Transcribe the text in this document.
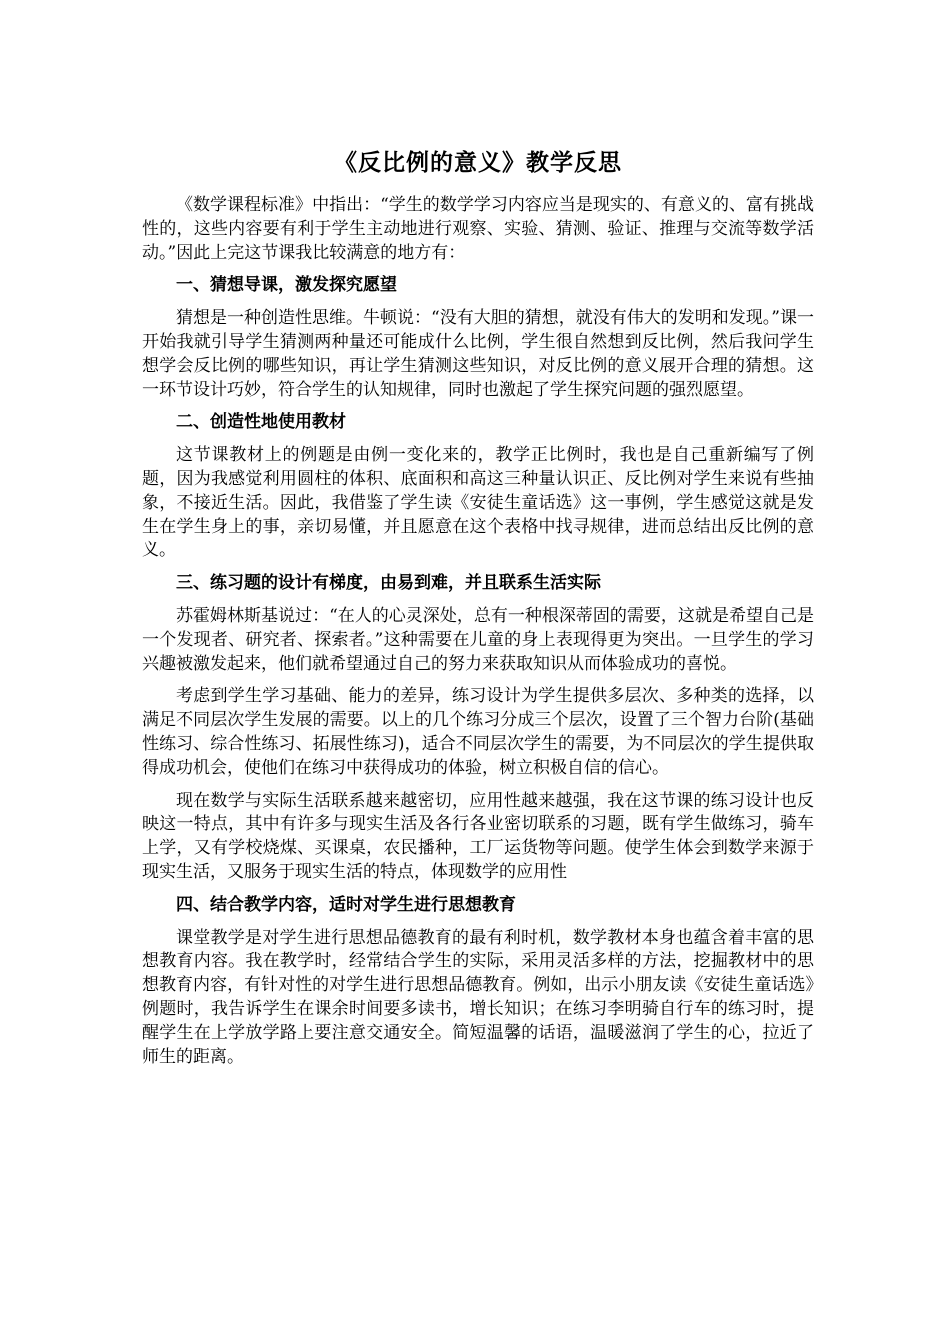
《反比例的意义》教学反思

《数学课程标准》中指出：“学生的数学学习内容应当是现实的、有意义的、富有挑战性的，这些内容要有利于学生主动地进行观察、实验、猜测、验证、推理与交流等数学活动。”因此上完这节课我比较满意的地方有：

一、猜想导课，激发探究愿望

猜想是一种创造性思维。牛顿说：“没有大胆的猜想，就没有伟大的发明和发现。”课一开始我就引导学生猜测两种量还可能成什么比例，学生很自然想到反比例，然后我问学生想学会反比例的哪些知识，再让学生猜测这些知识，对反比例的意义展开合理的猜想。这一环节设计巧妙，符合学生的认知规律，同时也激起了学生探究问题的强烈愿望。

二、创造性地使用教材

这节课教材上的例题是由例一变化来的，教学正比例时，我也是自己重新编写了例题，因为我感觉利用圆柱的体积、底面积和高这三种量认识正、反比例对学生来说有些抽象，不接近生活。因此，我借鉴了学生读《安徒生童话选》这一事例，学生感觉这就是发生在学生身上的事，亲切易懂，并且愿意在这个表格中找寻规律，进而总结出反比例的意义。

三、练习题的设计有梯度，由易到难，并且联系生活实际

苏霍姆林斯基说过：“在人的心灵深处，总有一种根深蒂固的需要，这就是希望自己是一个发现者、研究者、探索者。”这种需要在儿童的身上表现得更为突出。一旦学生的学习兴趣被激发起来，他们就希望通过自己的努力来获取知识从而体验成功的喜悦。

考虑到学生学习基础、能力的差异，练习设计为学生提供多层次、多种类的选择，以满足不同层次学生发展的需要。以上的几个练习分成三个层次，设置了三个智力台阶(基础性练习、综合性练习、拓展性练习)，适合不同层次学生的需要，为不同层次的学生提供取得成功机会，使他们在练习中获得成功的体验，树立积极自信的信心。

现在数学与实际生活联系越来越密切，应用性越来越强，我在这节课的练习设计也反映这一特点，其中有许多与现实生活及各行各业密切联系的习题，既有学生做练习，骑车上学，又有学校烧煤、买课桌，农民播种，工厂运货物等问题。使学生体会到数学来源于现实生活，又服务于现实生活的特点，体现数学的应用性

四、结合教学内容，适时对学生进行思想教育

课堂教学是对学生进行思想品德教育的最有利时机，数学教材本身也蕴含着丰富的思想教育内容。我在教学时，经常结合学生的实际，采用灵活多样的方法，挖掘教材中的思想教育内容，有针对性的对学生进行思想品德教育。例如，出示小朋友读《安徒生童话选》例题时，我告诉学生在课余时间要多读书，增长知识；在练习李明骑自行车的练习时，提醒学生在上学放学路上要注意交通安全。简短温馨的话语，温暖滋润了学生的心，拉近了师生的距离。
